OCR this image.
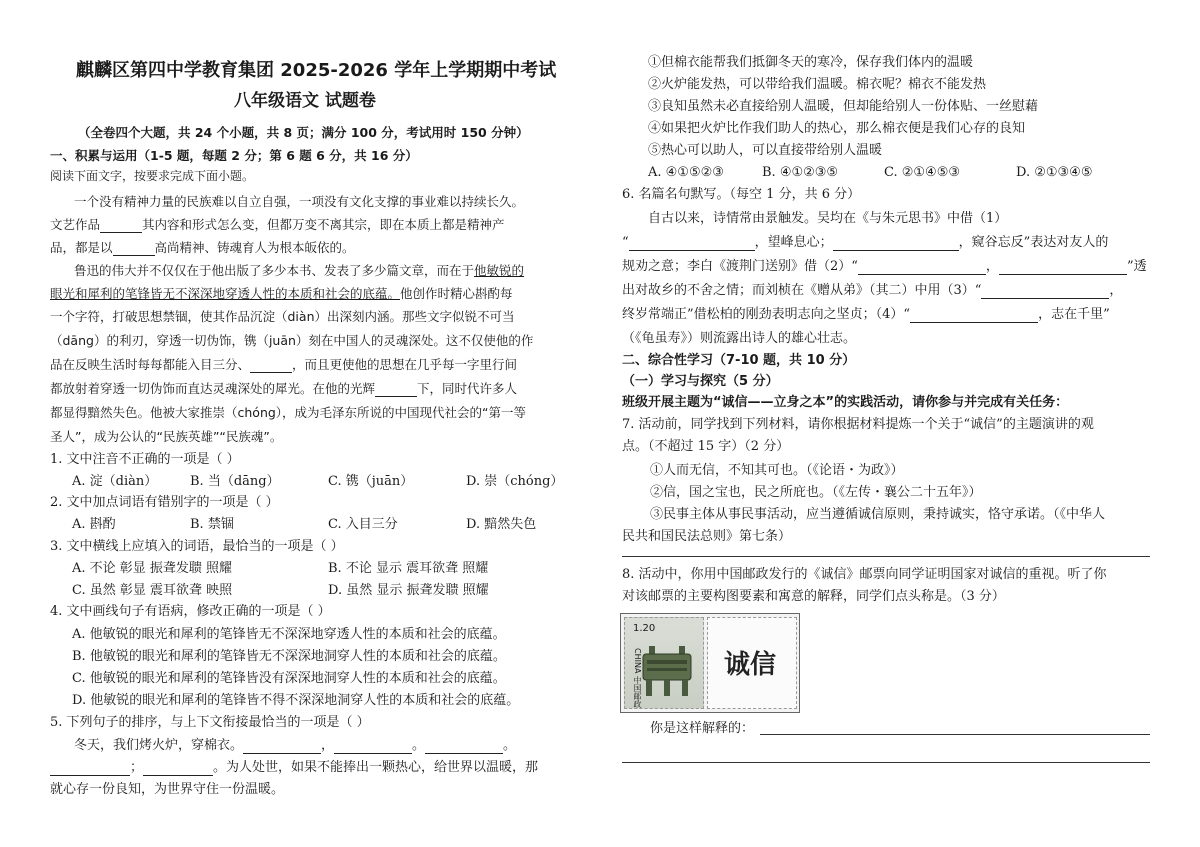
麒麟区第四中学教育集团 2025-2026 学年上学期期中考试
八年级语文 试题卷
（全卷四个大题，共 24 个小题，共 8 页；满分 100 分，考试用时 150 分钟）
一、积累与运用（1-5 题，每题 2 分；第 6 题 6 分，共 16 分）
阅读下面文字，按要求完成下面小题。
一个没有精神力量的民族难以自立自强，一项没有文化支撑的事业难以持续长久。
文艺作品	其内容和形式怎么变，但都万变不离其宗，即在本质上都是精神产
品，都是以	高尚精神、铸魂育人为根本皈依的。
鲁迅的伟大并不仅仅在于他出版了多少本书、发表了多少篇文章，而在于他敏锐的
眼光和犀利的笔锋皆无不深深地穿透人性的本质和社会的底蕴。他创作时精心斟酌每
一个字符，打破思想禁锢，使其作品沉淀（diàn）出深刻内涵。那些文字似锐不可当
（dāng）的利刃，穿透一切伪饰，镌（juān）刻在中国人的灵魂深处。这不仅使他的作
品在反映生活时每每都能入目三分、	，而且更使他的思想在几乎每一字里行间
都放射着穿透一切伪饰而直达灵魂深处的犀光。在他的光辉	下，同时代许多人
都显得黯然失色。他被大家推崇（chóng），成为毛泽东所说的中国现代社会的“第一等
圣人”，成为公认的“民族英雄”“民族魂”。
1. 文中注音不正确的一项是（ ）
A. 淀（diàn）	B. 当（dāng）	C. 镌（juān）	D. 崇（chóng）
2. 文中加点词语有错别字的一项是（ ）
A. 斟酌	B. 禁锢	C. 入目三分	D. 黯然失色
3. 文中横线上应填入的词语，最恰当的一项是（ ）
A. 不论 彰显 振聋发聩 照耀	B. 不论 显示 震耳欲聋 照耀
C. 虽然 彰显 震耳欲聋 映照	D. 虽然 显示 振聋发聩 照耀
4. 文中画线句子有语病，修改正确的一项是（ ）
A. 他敏锐的眼光和犀利的笔锋皆无不深深地穿透人性的本质和社会的底蕴。
B. 他敏锐的眼光和犀利的笔锋皆无不深深地洞穿人性的本质和社会的底蕴。
C. 他敏锐的眼光和犀利的笔锋皆没有深深地洞穿人性的本质和社会的底蕴。
D. 他敏锐的眼光和犀利的笔锋皆不得不深深地洞穿人性的本质和社会的底蕴。
5. 下列句子的排序，与上下文衔接最恰当的一项是（ ）
冬天，我们烤火炉，穿棉衣。	，	。	。
；	。为人处世，如果不能捧出一颗热心，给世界以温暖，那
就心存一份良知，为世界守住一份温暖。
①但棉衣能帮我们抵御冬天的寒冷，保存我们体内的温暖
②火炉能发热，可以带给我们温暖。棉衣呢？棉衣不能发热
③良知虽然未必直接给别人温暖，但却能给别人一份体贴、一丝慰藉
④如果把火炉比作我们助人的热心，那么棉衣便是我们心存的良知
⑤热心可以助人，可以直接带给别人温暖
A. ④①⑤②③	B. ④①②③⑤	C. ②①④⑤③	D. ②①③④⑤
6. 名篇名句默写。（每空 1 分，共 6 分）
自古以来，诗情常由景触发。吴均在《与朱元思书》中借（1）
“	，望峰息心；	，窥谷忘反”表达对友人的
规劝之意；李白《渡荆门送别》借（2）“	，	”透
出对故乡的不舍之情；而刘桢在《赠从弟》（其二）中用（3）“	，
终岁常端正”借松柏的刚劲表明志向之坚贞；（4）“	，志在千里”
（《龟虽寿》）则流露出诗人的雄心壮志。
二、综合性学习（7-10 题，共 10 分）
（一）学习与探究（5 分）
班级开展主题为“诚信——立身之本”的实践活动，请你参与并完成有关任务：
7. 活动前，同学找到下列材料，请你根据材料提炼一个关于“诚信”的主题演讲的观
点。（不超过 15 字）（2 分）
①人而无信，不知其可也。（《论语・为政》）
②信，国之宝也，民之所庇也。（《左传・襄公二十五年》）
③民事主体从事民事活动，应当遵循诚信原则，秉持诚实，恪守承诺。（《中华人
民共和国民法总则》第七条）
8. 活动中，你用中国邮政发行的《诚信》邮票向同学证明国家对诚信的重视。听了你
对该邮票的主要构图要素和寓意的解释，同学们点头称是。（3 分）
1.20
CHINA 中国邮政	诚信
你是这样解释的：
